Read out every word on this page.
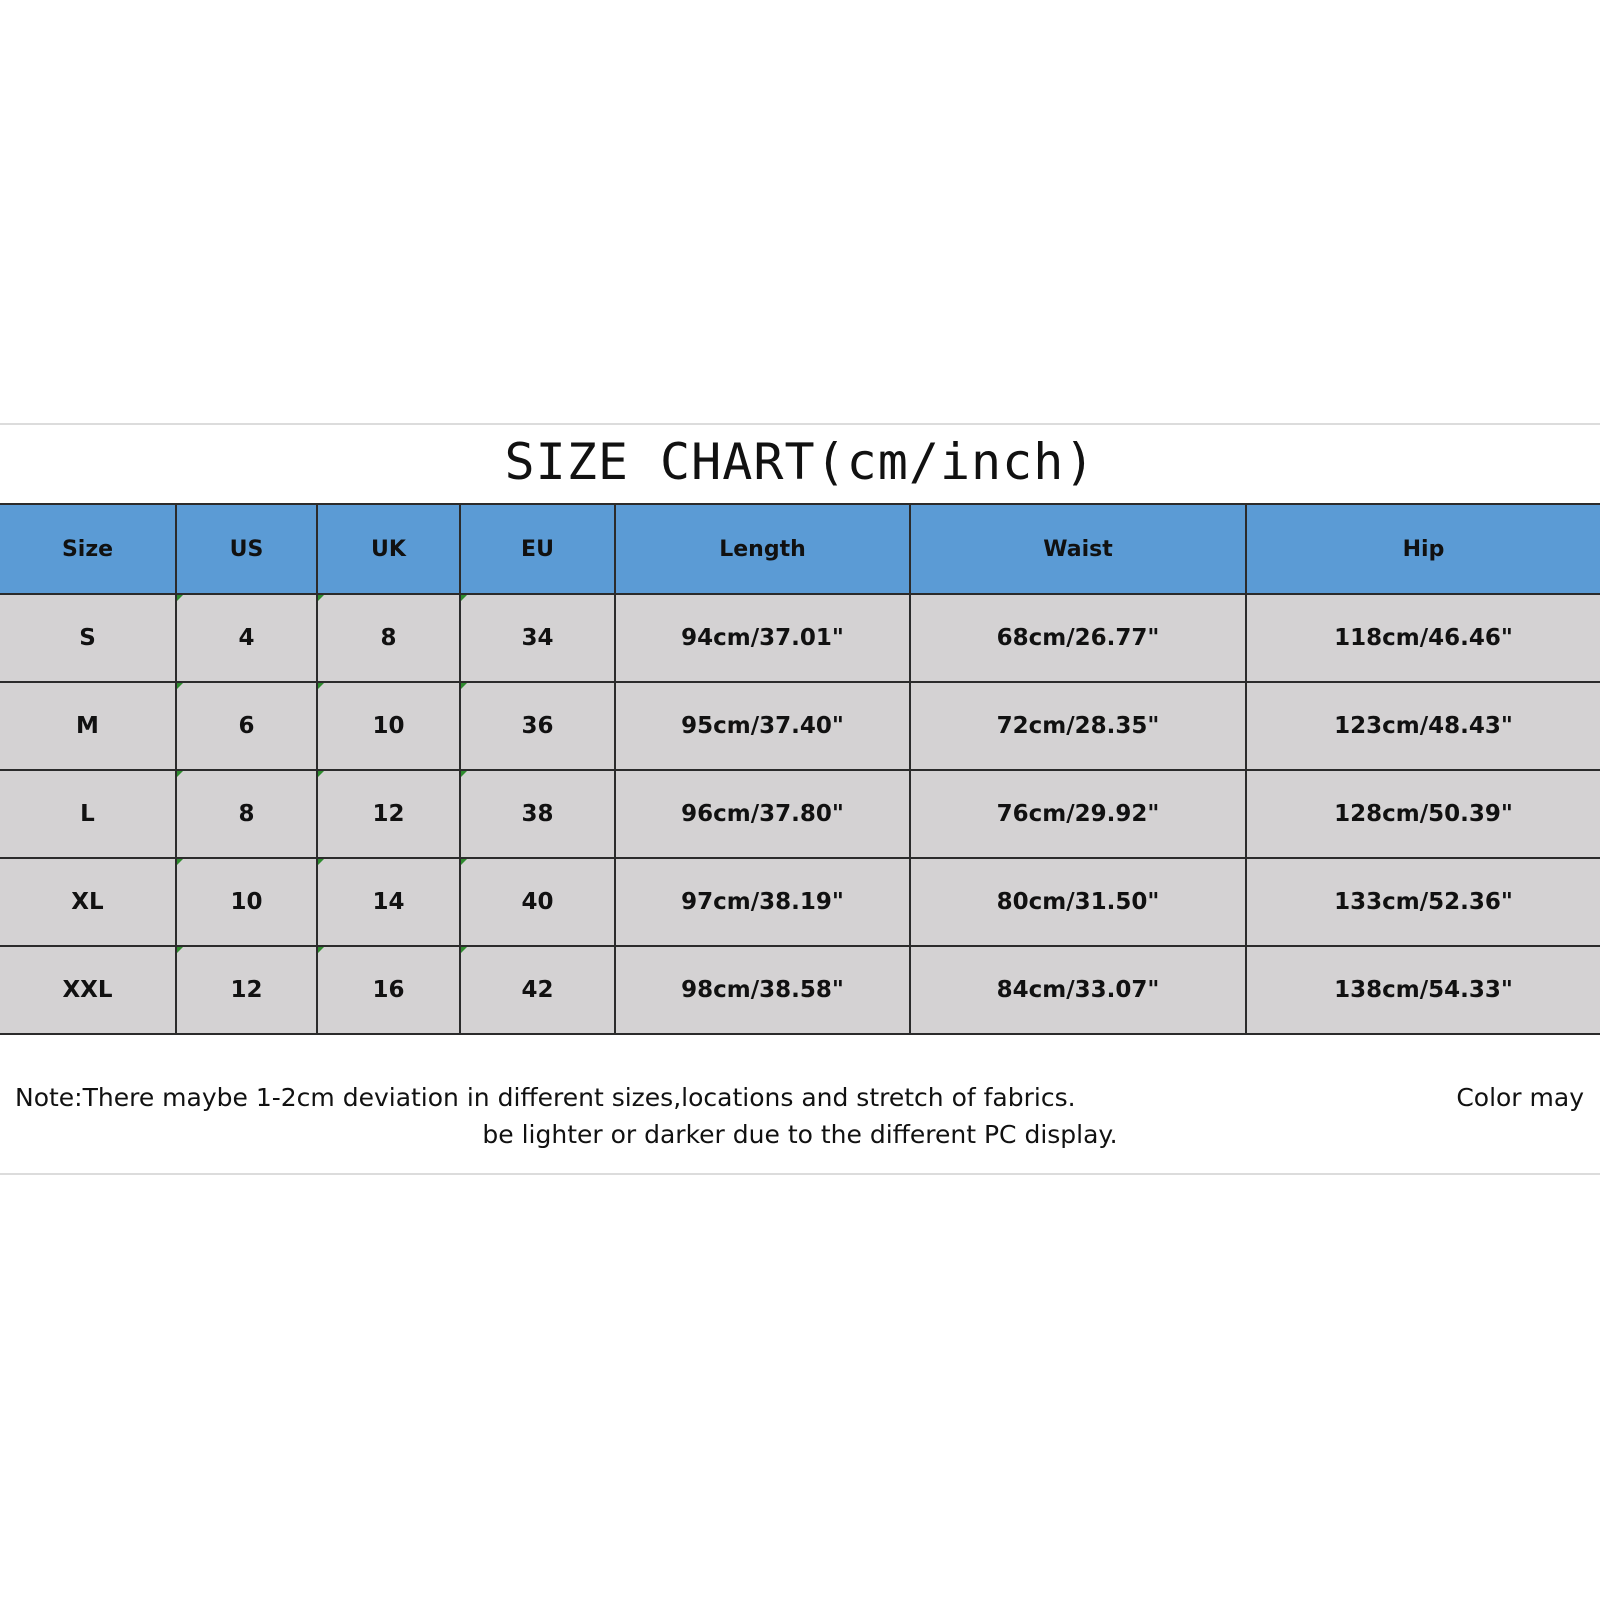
SIZE CHART(cm/inch)
Size	US	UK	EU	Length	Waist	Hip
S	4	8	34	94cm/37.01"	68cm/26.77"	118cm/46.46"
M	6	10	36	95cm/37.40"	72cm/28.35"	123cm/48.43"
L	8	12	38	96cm/37.80"	76cm/29.92"	128cm/50.39"
XL	10	14	40	97cm/38.19"	80cm/31.50"	133cm/52.36"
XXL	12	16	42	98cm/38.58"	84cm/33.07"	138cm/54.33"
Note:There maybe 1-2cm deviation in different sizes,locations and stretch of fabrics.	Color may
be lighter or darker due to the different PC display.
